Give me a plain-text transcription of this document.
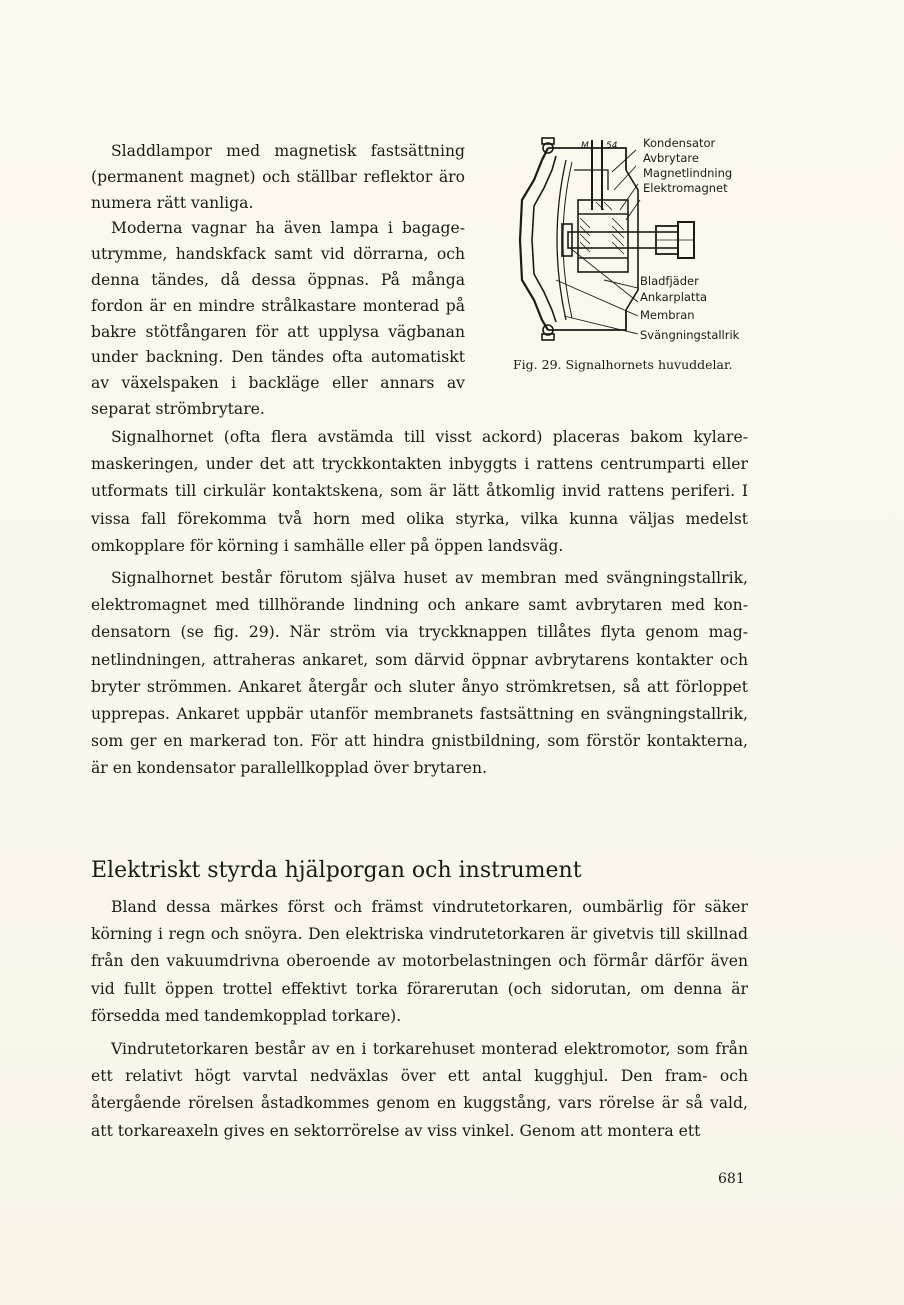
Sladdlampor med magnetisk fastsättning (permanent magnet) och ställbar reflektor äro numera rätt vanliga.

Moderna vagnar ha även lampa i bagageutrymme, handskfack samt vid dörrarna, och denna tändes, då dessa öppnas. På många fordon är en mindre strålkastare monterad på bakre stötfångaren för att upplysa vägbanan under backning. Den tändes ofta automatiskt av växelspaken i backläge eller annars av separat strömbrytare.

M 54 Kondensator
Avbrytare
Magnetlindning
Elektromagnet
Bladfjäder
Ankarplatta
Membran
Svängningstallrik
Fig. 29. Signalhornets huvuddelar.

Signalhornet (ofta flera avstämda till visst ackord) placeras bakom kylaremaskeringen, under det att tryckkontakten inbyggts i rattens centrumparti eller utformats till cirkulär kontaktskena, som är lätt åtkomlig invid rattens periferi. I vissa fall förekomma två horn med olika styrka, vilka kunna väljas medelst omkopplare för körning i samhälle eller på öppen landsväg.

Signalhornet består förutom själva huset av membran med svängningstallrik, elektromagnet med tillhörande lindning och ankare samt avbrytaren med kondensatorn (se fig. 29). När ström via tryckknappen tillåtes flyta genom magnetlindningen, attraheras ankaret, som därvid öppnar avbrytarens kontakter och bryter strömmen. Ankaret återgår och sluter ånyo strömkretsen, så att förloppet upprepas. Ankaret uppbär utanför membranets fastsättning en svängningstallrik, som ger en markerad ton. För att hindra gnistbildning, som förstör kontakterna, är en kondensator parallellkopplad över brytaren.

Elektriskt styrda hjälporgan och instrument

Bland dessa märkes först och främst vindrutetorkaren, oumbärlig för säker körning i regn och snöyra. Den elektriska vindrutetorkaren är givetvis till skillnad från den vakuumdrivna oberoende av motorbelastningen och förmår därför även vid fullt öppen trottel effektivt torka förarerutan (och sidorutan, om denna är försedda med tandemkopplad torkare).

Vindrutetorkaren består av en i torkarehuset monterad elektromotor, som från ett relativt högt varvtal nedväxlas över ett antal kugghjul. Den fram- och återgående rörelsen åstadkommes genom en kuggstång, vars rörelse är så vald, att torkareaxeln gives en sektorrörelse av viss vinkel. Genom att montera ett

681
